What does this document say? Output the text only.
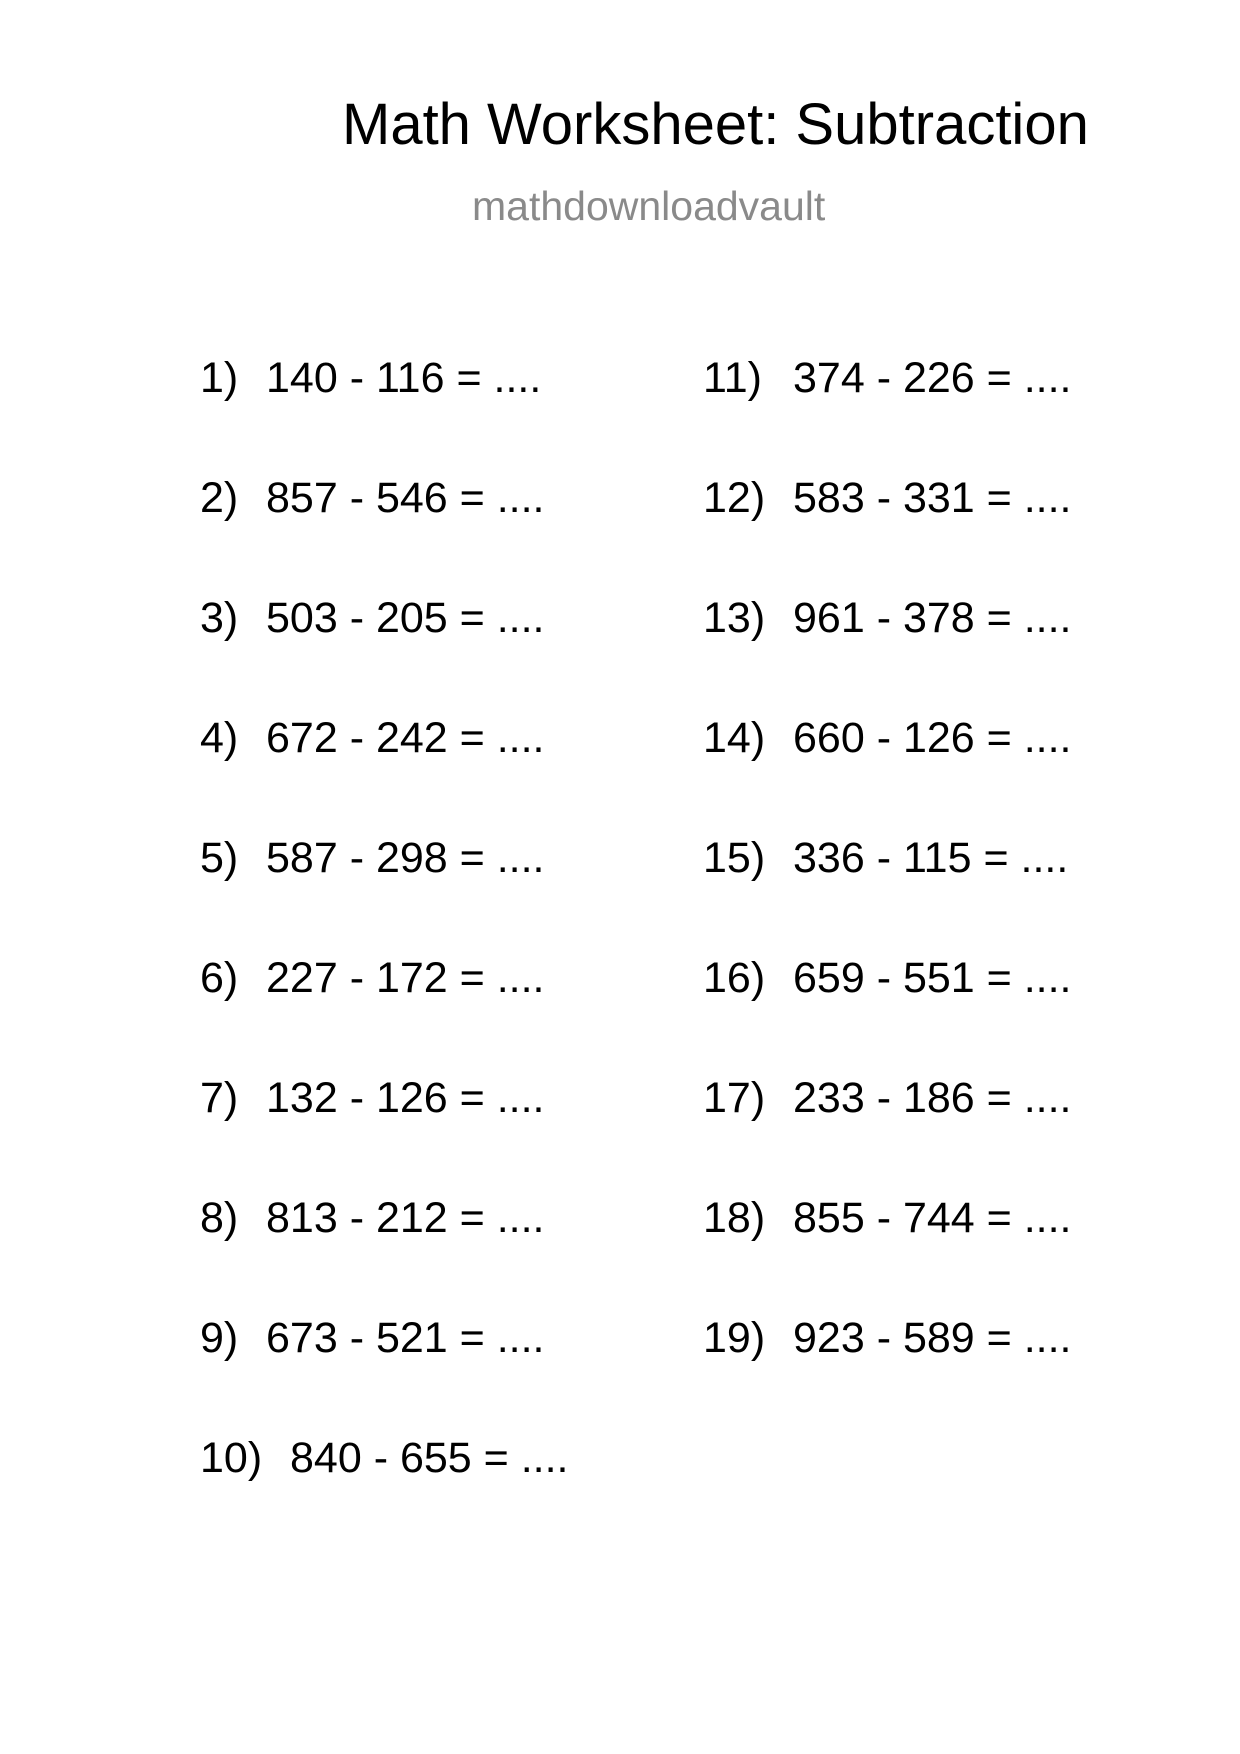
Math Worksheet: Subtraction
mathdownloadvault
1) 140 - 116 = ....
2) 857 - 546 = ....
3) 503 - 205 = ....
4) 672 - 242 = ....
5) 587 - 298 = ....
6) 227 - 172 = ....
7) 132 - 126 = ....
8) 813 - 212 = ....
9) 673 - 521 = ....
10) 840 - 655 = ....
11) 374 - 226 = ....
12) 583 - 331 = ....
13) 961 - 378 = ....
14) 660 - 126 = ....
15) 336 - 115 = ....
16) 659 - 551 = ....
17) 233 - 186 = ....
18) 855 - 744 = ....
19) 923 - 589 = ....
